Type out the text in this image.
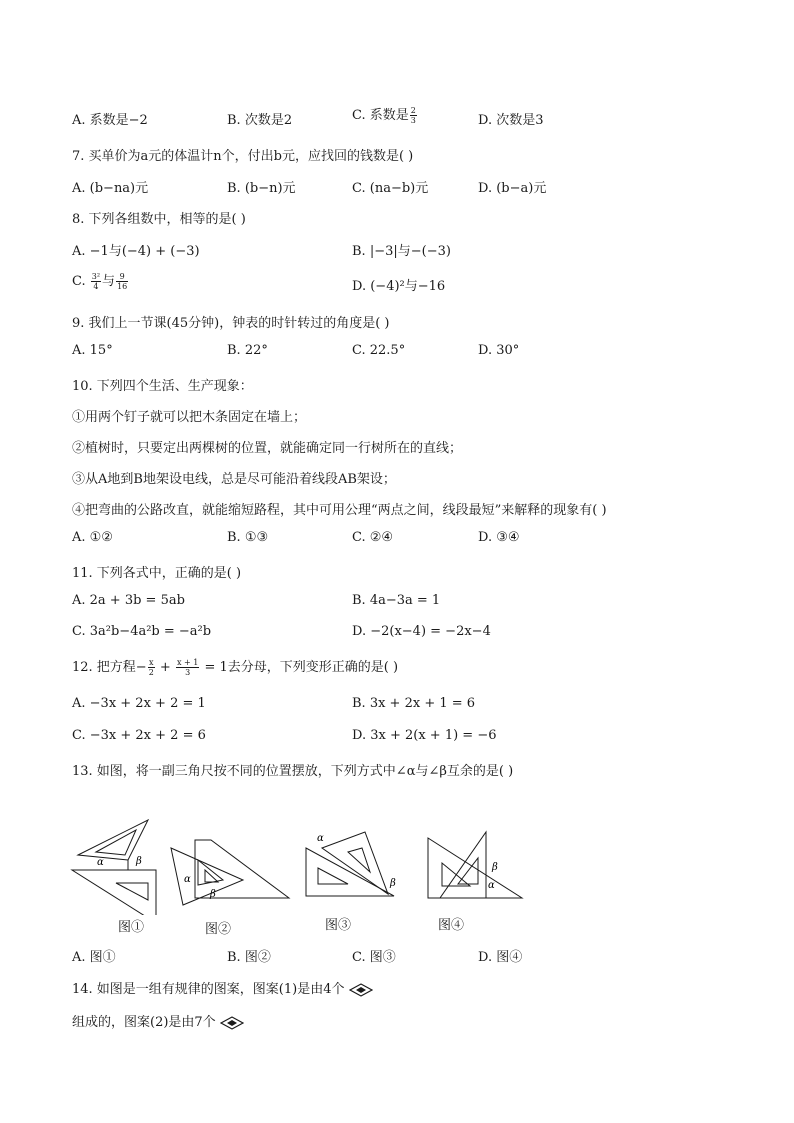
A. 系数是−2	B. 次数是2	C. 系数是 $\frac{2}{3}$	D. 次数是3
7. 买单价为a元的体温计n个，付出b元，应找回的钱数是( )
A. (b−na)元	B. (b−n)元	C. (na−b)元	D. (b−a)元
8. 下列各组数中，相等的是( )
A. −1与(−4) + (−3)	B. |−3|与−(−3)
C. $\frac{\text{3²}}{4}$ 与 $\frac{9}{16}$	D. (−4)²与−16
9. 我们上一节课(45分钟)，钟表的时针转过的角度是( )
A. 15°	B. 22°	C. 22.5°	D. 30°
10. 下列四个生活、生产现象：
①用两个钉子就可以把木条固定在墙上；
②植树时，只要定出两棵树的位置，就能确定同一行树所在的直线；
③从A地到B地架设电线，总是尽可能沿着线段AB架设；
④把弯曲的公路改直，就能缩短路程，其中可用公理“两点之间，线段最短”来解释的现象有( )
A. ①②	B. ①③	C. ②④	D. ③④
11. 下列各式中，正确的是( )
A. 2a + 3b = 5ab	B. 4a−3a = 1
C. 3a²b−4a²b = −a²b	D. −2(x−4) = −2x−4
12. 把方程− $\frac{x}{2} + \frac{x + 1}{3} = 1$去分母，下列变形正确的是( )
A. −3x + 2x + 2 = 1	B. 3x + 2x + 1 = 6
C. −3x + 2x + 2 = 6	D. 3x + 2(x + 1) = −6
13. 如图，将一副三角尺按不同的位置摆放，下列方式中∠α与∠β互余的是( )
α	β
图①
α
β
图②
α
β
图③
β
α
图④
A. 图①	B. 图②	C. 图③	D. 图④
14. 如图是一组有规律的图案，图案(1)是由4个
组成的，图案(2)是由7个
